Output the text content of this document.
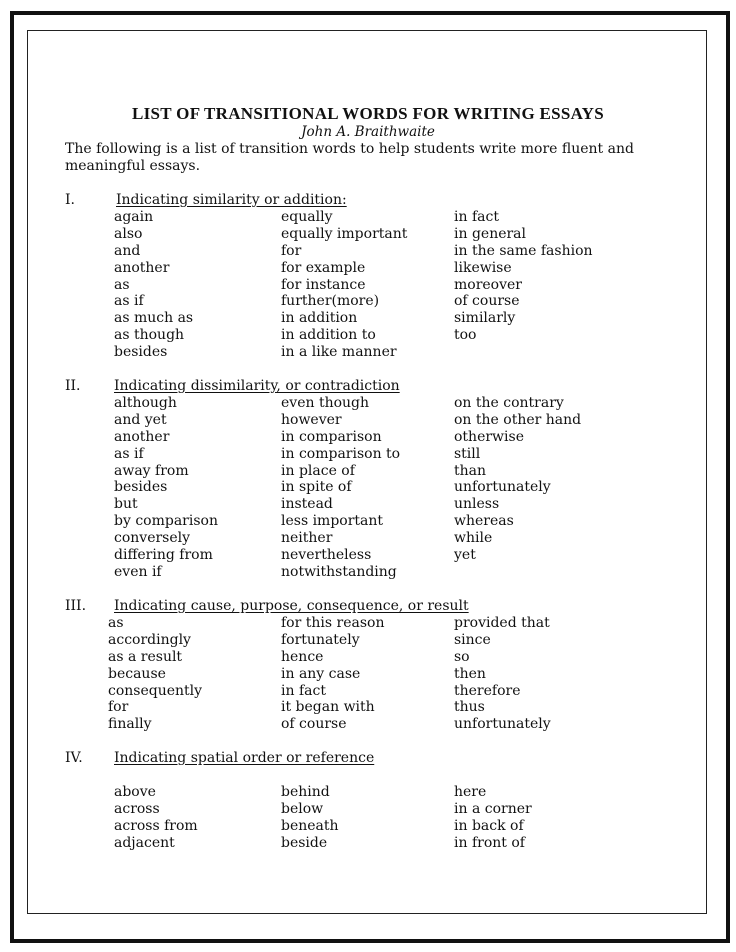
LIST OF TRANSITIONAL WORDS FOR WRITING ESSAYS
John A. Braithwaite
The following is a list of transition words to help students write more fluent and meaningful essays.
I.	Indicating similarity or addition:
again
also
and
another
as
as if
as much as
as though
besides
equally
equally important
for
for example
for instance
further(more)
in addition
in addition to
in a like manner
in fact
in general
in the same fashion
likewise
moreover
of course
similarly
too
II. Indicating dissimilarity, or contradiction
although
and yet
another
as if
away from
besides
but
by comparison
conversely
differing from
even if
even though
however
in comparison
in comparison to
in place of
in spite of
instead
less important
neither
nevertheless
notwithstanding
on the contrary
on the other hand
otherwise
still
than
unfortunately
unless
whereas
while
yet
III. Indicating cause, purpose, consequence, or result
as
accordingly
as a result
because
consequently
for
finally
for this reason
fortunately
hence
in any case
in fact
it began with
of course
provided that
since
so
then
therefore
thus
unfortunately
IV. Indicating spatial order or reference
above
across
across from
adjacent
behind
below
beneath
beside
here
in a corner
in back of
in front of
